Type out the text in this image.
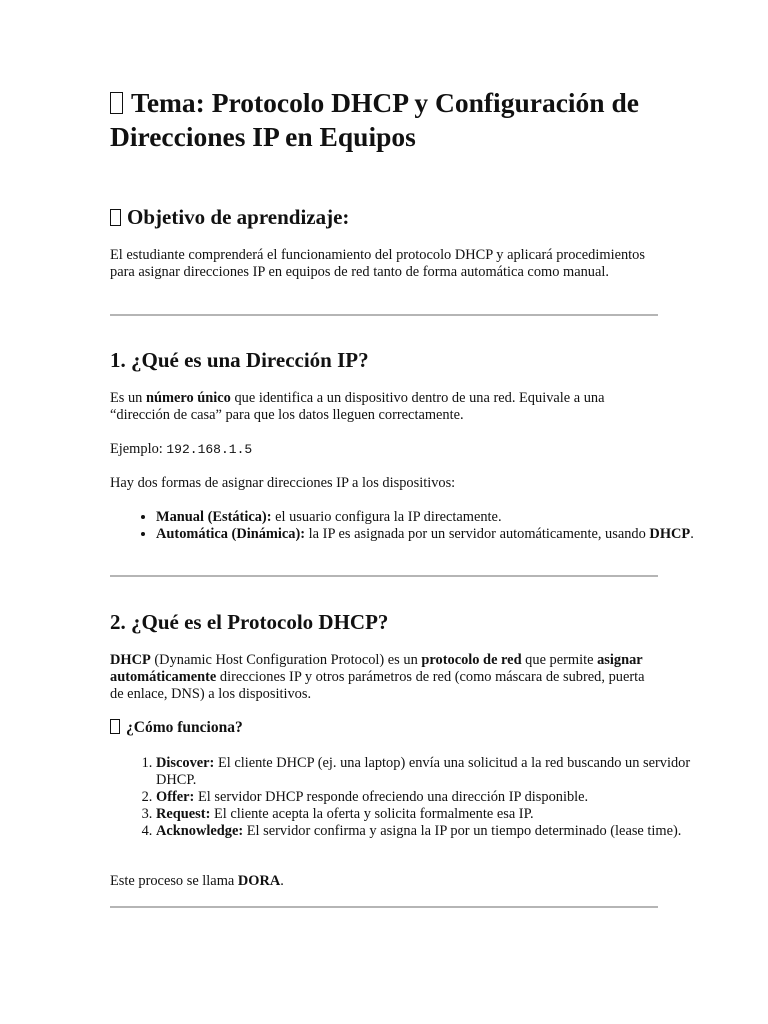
Tema: Protocolo DHCP y Configuración de Direcciones IP en Equipos
Objetivo de aprendizaje:

El estudiante comprenderá el funcionamiento del protocolo DHCP y aplicará procedimientos para asignar direcciones IP en equipos de red tanto de forma automática como manual.

1. ¿Qué es una Dirección IP?

Es un número único que identifica a un dispositivo dentro de una red. Equivale a una “dirección de casa” para que los datos lleguen correctamente.

Ejemplo: 192.168.1.5

Hay dos formas de asignar direcciones IP a los dispositivos:

• Manual (Estática): el usuario configura la IP directamente.
• Automática (Dinámica): la IP es asignada por un servidor automáticamente, usando DHCP.
2. ¿Qué es el Protocolo DHCP?

DHCP (Dynamic Host Configuration Protocol) es un protocolo de red que permite asignar automáticamente direcciones IP y otros parámetros de red (como máscara de subred, puerta de enlace, DNS) a los dispositivos.

¿Cómo funciona?
1. Discover: El cliente DHCP (ej. una laptop) envía una solicitud a la red buscando un servidor DHCP.
2. Offer: El servidor DHCP responde ofreciendo una dirección IP disponible.
3. Request: El cliente acepta la oferta y solicita formalmente esa IP.
4. Acknowledge: El servidor confirma y asigna la IP por un tiempo determinado (lease time).

Este proceso se llama DORA.
